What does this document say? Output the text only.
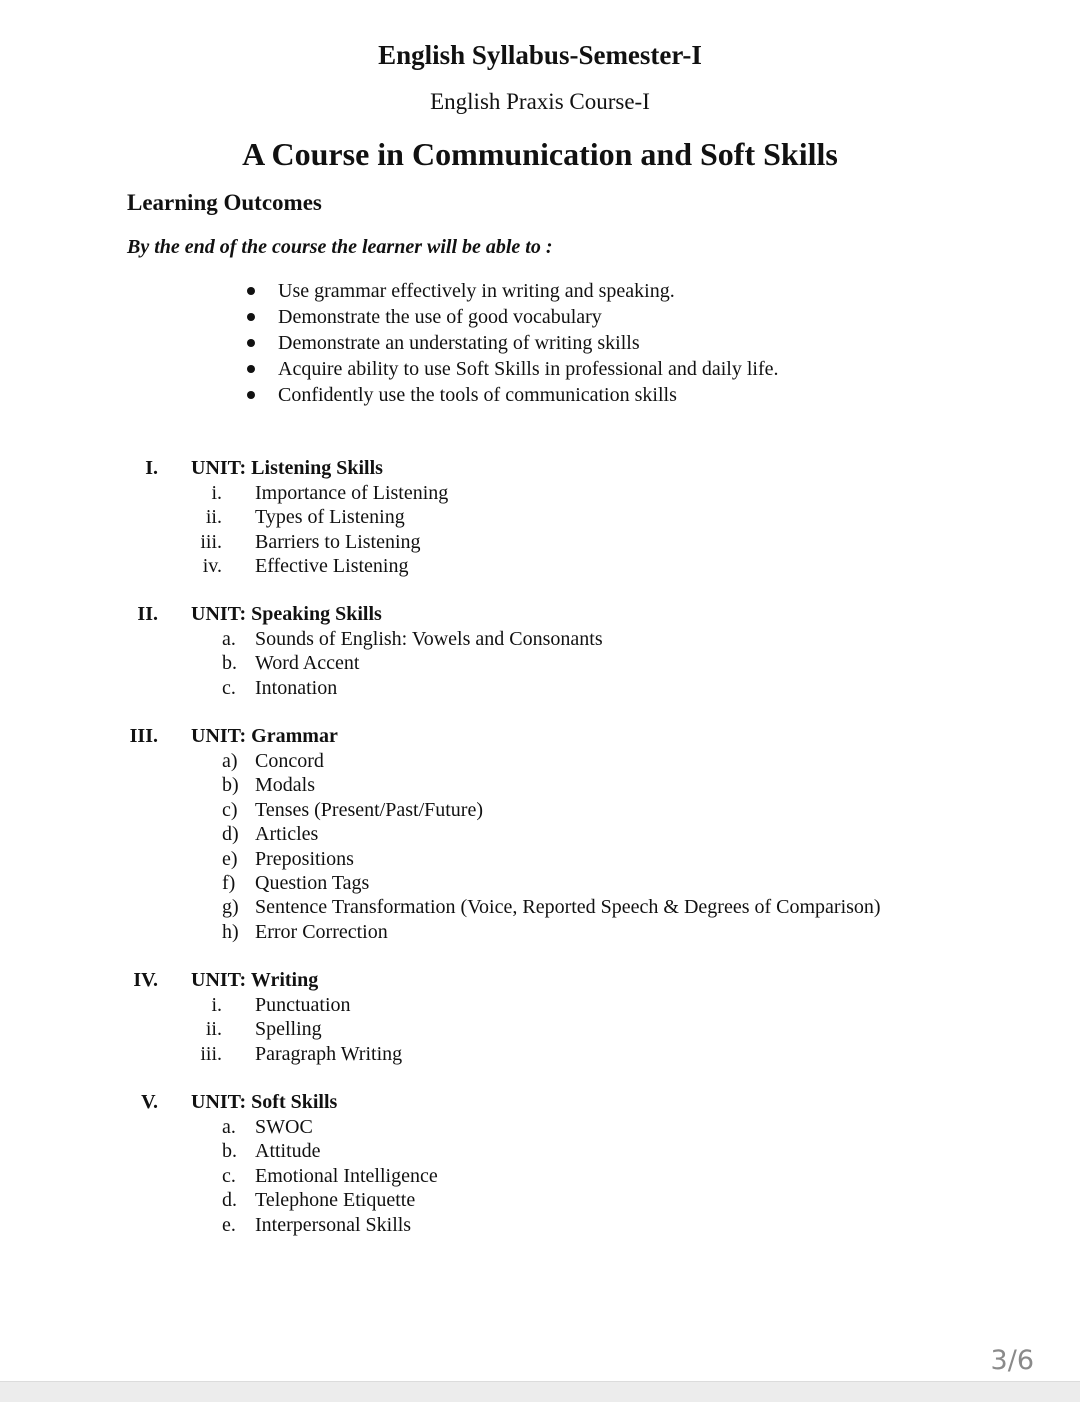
English Syllabus-Semester-I
English Praxis Course-I
A Course in Communication and Soft Skills
Learning Outcomes
By the end of the course the learner will be able to :
Use grammar effectively in writing and speaking.
Demonstrate the use of good vocabulary
Demonstrate an understating of writing skills
Acquire ability to use Soft Skills in professional and daily life.
Confidently use the tools of communication skills
I. UNIT: Listening Skills
i. Importance of Listening
ii. Types of Listening
iii. Barriers to Listening
iv. Effective Listening
II. UNIT: Speaking Skills
a. Sounds of English: Vowels and Consonants
b. Word Accent
c. Intonation
III. UNIT: Grammar
a) Concord
b) Modals
c) Tenses (Present/Past/Future)
d) Articles
e) Prepositions
f) Question Tags
g) Sentence Transformation (Voice, Reported Speech & Degrees of Comparison)
h) Error Correction
IV. UNIT: Writing
i. Punctuation
ii. Spelling
iii. Paragraph Writing
V. UNIT: Soft Skills
a. SWOC
b. Attitude
c. Emotional Intelligence
d. Telephone Etiquette
e. Interpersonal Skills
3/6
